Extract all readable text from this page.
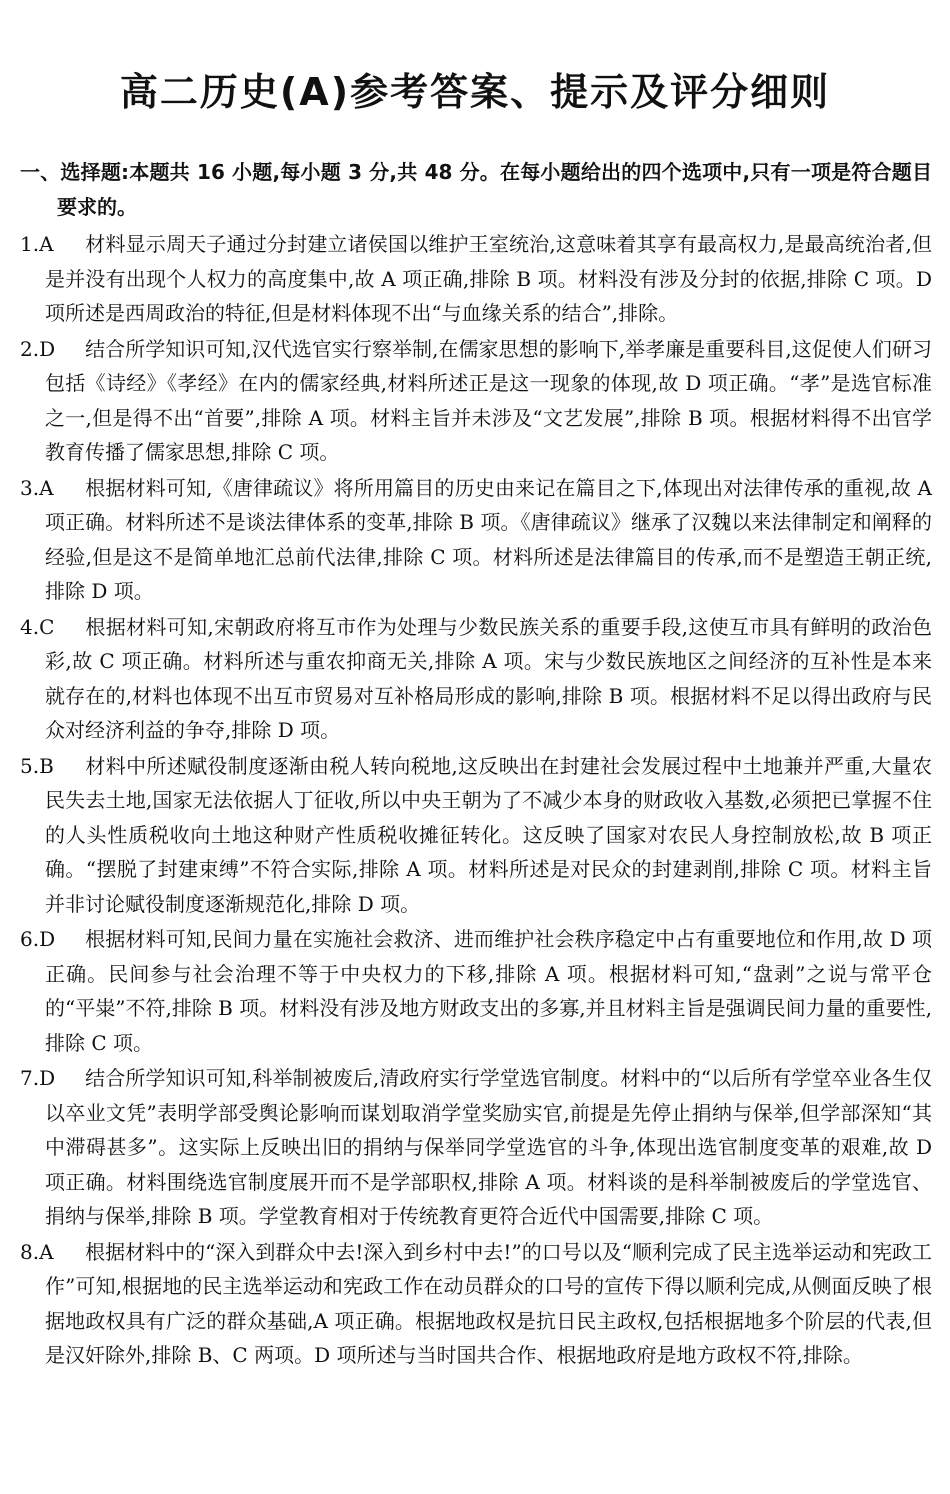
高二历史(A)参考答案、提示及评分细则

一、选择题:本题共 16 小题,每小题 3 分,共 48 分。在每小题给出的四个选项中,只有一项是符合题目要求的。

1.A 材料显示周天子通过分封建立诸侯国以维护王室统治,这意味着其享有最高权力,是最高统治者,但是并没有出现个人权力的高度集中,故 A 项正确,排除 B 项。材料没有涉及分封的依据,排除 C 项。D 项所述是西周政治的特征,但是材料体现不出“与血缘关系的结合”,排除。

2.D 结合所学知识可知,汉代选官实行察举制,在儒家思想的影响下,举孝廉是重要科目,这促使人们研习包括《诗经》《孝经》在内的儒家经典,材料所述正是这一现象的体现,故 D 项正确。“孝”是选官标准之一,但是得不出“首要”,排除 A 项。材料主旨并未涉及“文艺发展”,排除 B 项。根据材料得不出官学教育传播了儒家思想,排除 C 项。

3.A 根据材料可知,《唐律疏议》将所用篇目的历史由来记在篇目之下,体现出对法律传承的重视,故 A 项正确。材料所述不是谈法律体系的变革,排除 B 项。《唐律疏议》继承了汉魏以来法律制定和阐释的经验,但是这不是简单地汇总前代法律,排除 C 项。材料所述是法律篇目的传承,而不是塑造王朝正统,排除 D 项。

4.C 根据材料可知,宋朝政府将互市作为处理与少数民族关系的重要手段,这使互市具有鲜明的政治色彩,故 C 项正确。材料所述与重农抑商无关,排除 A 项。宋与少数民族地区之间经济的互补性是本来就存在的,材料也体现不出互市贸易对互补格局形成的影响,排除 B 项。根据材料不足以得出政府与民众对经济利益的争夺,排除 D 项。

5.B 材料中所述赋役制度逐渐由税人转向税地,这反映出在封建社会发展过程中土地兼并严重,大量农民失去土地,国家无法依据人丁征收,所以中央王朝为了不减少本身的财政收入基数,必须把已掌握不住的人头性质税收向土地这种财产性质税收摊征转化。这反映了国家对农民人身控制放松,故 B 项正确。“摆脱了封建束缚”不符合实际,排除 A 项。材料所述是对民众的封建剥削,排除 C 项。材料主旨并非讨论赋役制度逐渐规范化,排除 D 项。

6.D 根据材料可知,民间力量在实施社会救济、进而维护社会秩序稳定中占有重要地位和作用,故 D 项正确。民间参与社会治理不等于中央权力的下移,排除 A 项。根据材料可知,“盘剥”之说与常平仓的“平粜”不符,排除 B 项。材料没有涉及地方财政支出的多寡,并且材料主旨是强调民间力量的重要性,排除 C 项。

7.D 结合所学知识可知,科举制被废后,清政府实行学堂选官制度。材料中的“以后所有学堂卒业各生仅以卒业文凭”表明学部受舆论影响而谋划取消学堂奖励实官,前提是先停止捐纳与保举,但学部深知“其中滞碍甚多”。这实际上反映出旧的捐纳与保举同学堂选官的斗争,体现出选官制度变革的艰难,故 D 项正确。材料围绕选官制度展开而不是学部职权,排除 A 项。材料谈的是科举制被废后的学堂选官、捐纳与保举,排除 B 项。学堂教育相对于传统教育更符合近代中国需要,排除 C 项。

8.A 根据材料中的“深入到群众中去!深入到乡村中去!”的口号以及“顺利完成了民主选举运动和宪政工作”可知,根据地的民主选举运动和宪政工作在动员群众的口号的宣传下得以顺利完成,从侧面反映了根据地政权具有广泛的群众基础,A 项正确。根据地政权是抗日民主政权,包括根据地多个阶层的代表,但是汉奸除外,排除 B、C 两项。D 项所述与当时国共合作、根据地政府是地方政权不符,排除。
